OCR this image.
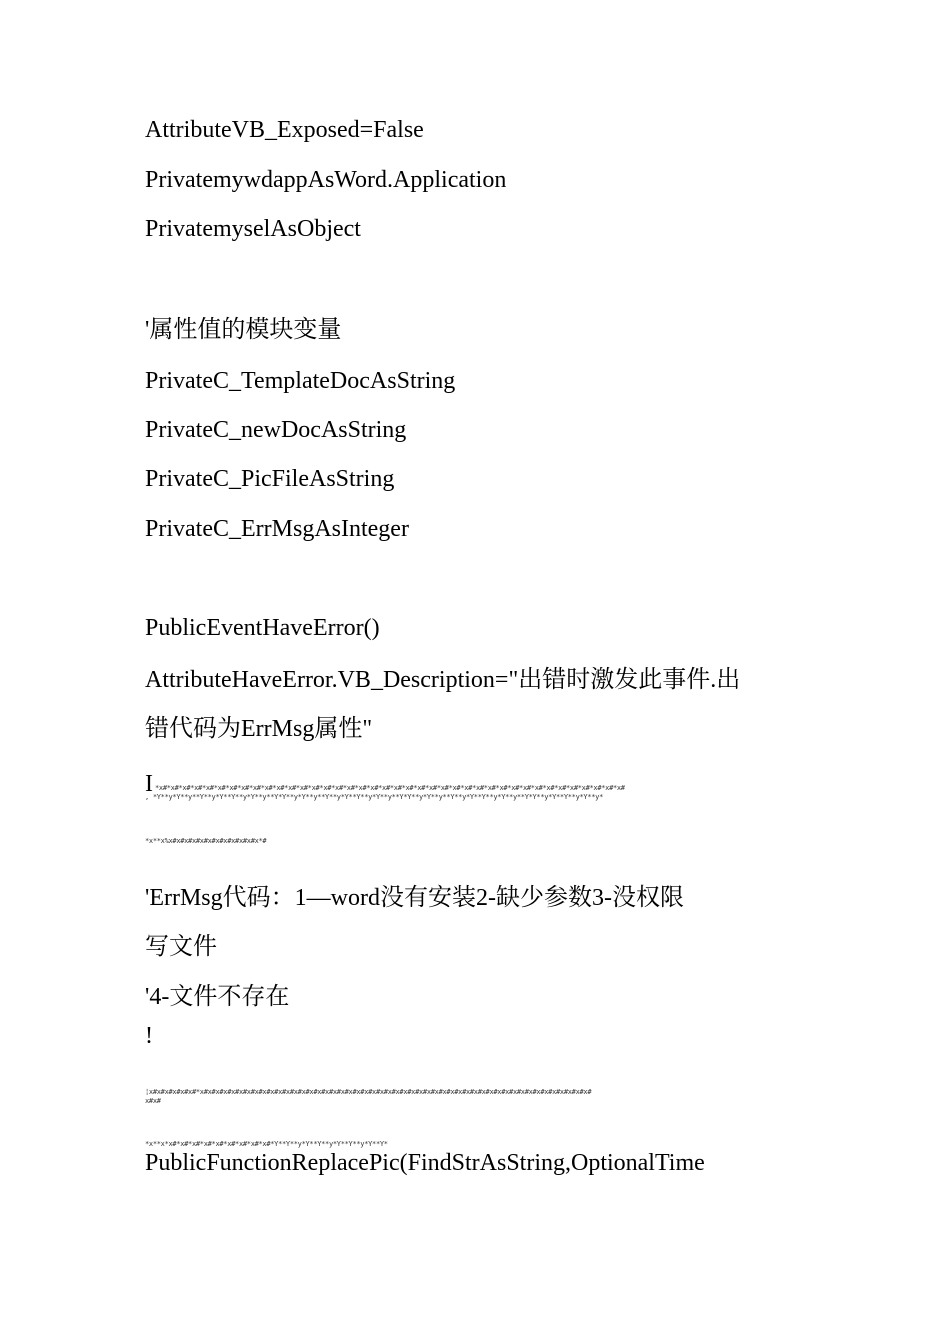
AttributeVB_Exposed=False
PrivatemywdappAsWord.Application
PrivatemyselAsObject
'属性值的模块变量
PrivateC_TemplateDocAsString
PrivateC_newDocAsString
PrivateC_PicFileAsString
PrivateC_ErrMsgAsInteger
PublicEventHaveError()
AttributeHaveError.VB_Description="出错时激发此事件.出
错代码为ErrMsg属性"
I *x#*x#*x#*x#*x#*x#*x#*x#*x#*x#*x#*x#*x#*x#*x#*x#*x#*x#*x#*x#*x#*x#*x#*x#*x#*x#*x#*x#*x#*x#*x#*x#*x#*x#*x#*x#*x#*x#*x#*x#
, *Y**y*Y**y**Y**y*Y**Y**y*Y**y**Y*Y**y*Y**y**Y**y*Y**Y**y*Y**y**Y*Y**y*Y**y**Y**y*Y**Y**y*Y**y**Y*Y**y*Y**Y**y*Y**y*
*x**x%x#x#x#x#x#x#x#x#x#x#x#x*#
'ErrMsg代码：1—word没有安装2-缺少参数3-没权限
写文件
'4-文件不存在
!
¦x#x#x#x#x#x#*x#x#x#x#x#x#x#x#x#x#x#x#x#x#x#x#x#x#x#x#x#x#x#x#x#x#x#x#x#x#x#x#x#x#x#x#x#x#x#x#x#x#x#x#x#x#x#x#x#x#
x#x#
*x**x*x#*x#*x#*x#*x#*x#*x#*x#*x#*Y**Y**y*Y**Y**y*Y**Y**y*Y**Y*
PublicFunctionReplacePic(FindStrAsString,OptionalTime
